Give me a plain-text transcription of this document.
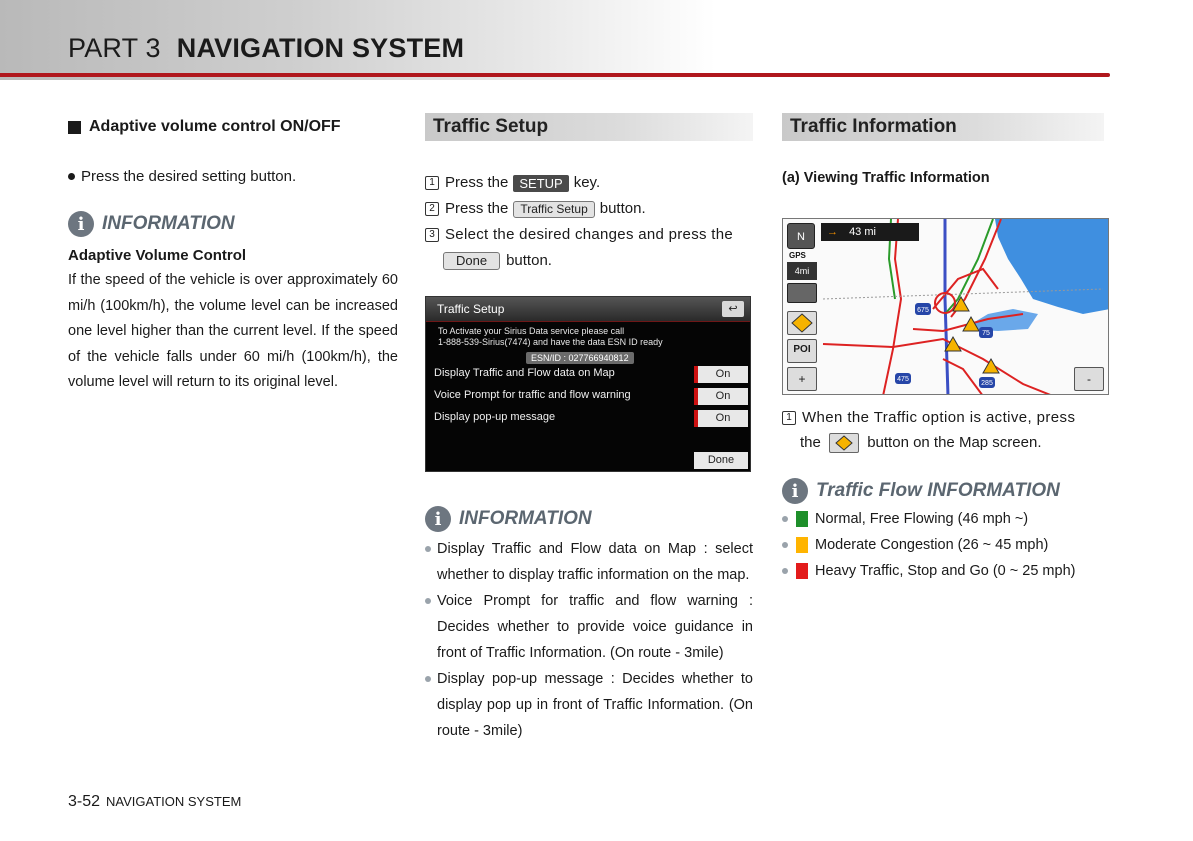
PART 3 NAVIGATION SYSTEM
Adaptive volume control ON/OFF
Press the desired setting button.
i INFORMATION
Adaptive Volume Control
If the speed of the vehicle is over approximately 60 mi/h (100km/h), the volume level can be increased one level higher than the current level. If the speed of the vehicle falls under 60 mi/h (100km/h), the volume level will return to its original level.
Traffic Setup	Traffic Information
1 Press the SETUP key.
2 Press the	Traffic Setup button.
3 Select the desired changes and press the
Done	button.
Traffic Setup	↩
To Activate your Sirius Data service please call
1-888-539-Sirius(7474) and have the data ESN ID ready
ESN/ID : 027766940812
Display Traffic and Flow data on Map	On
Voice Prompt for traffic and flow warning	On
Display pop-up message	On
Done
i INFORMATION
Display Traffic and Flow data on Map : select whether to display traffic information on the map.
Voice Prompt for traffic and flow warning : Decides whether to provide voice guidance in front of Traffic Information. (On route - 3mile)
Display pop-up message : Decides whether to display pop up in front of Traffic Information. (On route - 3mile)
(a) Viewing Traffic Information
675
75
475
285
N	→ 43 mi
GPS
4mi
POI
+	-
1 When the Traffic option is active, press
the	button on the Map screen.
i Traffic Flow INFORMATION
Normal, Free Flowing (46 mph ~)
Moderate Congestion (26 ~ 45 mph)
Heavy Traffic, Stop and Go (0 ~ 25 mph)
3-52 NAVIGATION SYSTEM
